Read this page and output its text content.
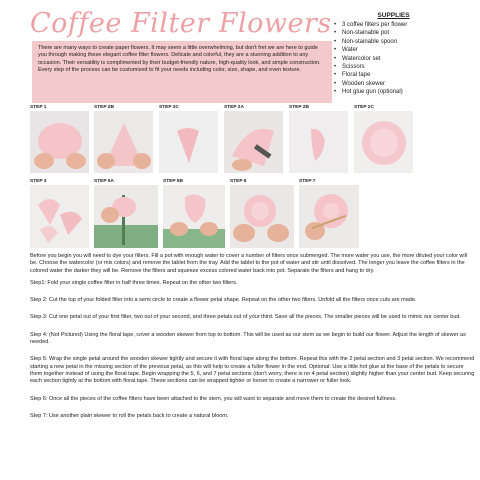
Coffee Filter Flowers
There are many ways to create paper flowers. It may seem a little overwhelming, but don't fret we are here to guide you through making these elegant coffee filter flowers. Delicate and colorful, they are a stunning addition to any occasion. Their versatility is complimented by their budget-friendly nature, high-quality look, and simple construction. Every step of the process can be customized to fit your needs including color, size, shape, and even texture.
SUPPLIES
• 3 coffee filters per flower
• Non-stainable pot
• Non-stainable spoon
• Water
• Watercolor set
• Scissors
• Floral tape
• Wooden skewer
• Hot glue gun (optional)
STEP 1	STEP 2B	STEP 3C	STEP 2A	STEP 2B	STEP 2C
STEP 3	STEP 5A	STEP 5B	STEP 6	STEP 7

Before you begin you will need to dye your filters. Fill a pot with enough water to cover a number of filters once submerged. The more water you use, the more diluted your color will be. Choose the watercolor (or mix colors) and remove the tablet from the tray. Add the tablet to the pot of water and stir until dissolved. The longer you leave the coffee filters in the colored water the darker they will be. Remove the filters and squeeze excess colored water back into pot. Separate the filters and hang to dry.

Step1: Fold your single coffee filter in half three times. Repeat on the other two filters.

Step 2: Cut the top of your folded filter into a semi circle to create a flower petal shape. Repeat on the other two filters. Unfold all the filters once cuts are made.

Step 3: Cut one petal out of your first filter, two out of your second, and three petals out of your third. Save all the pieces. The smaller pieces will be used to mimic our center bud.

Step 4: (Not Pictured) Using the floral tape, cover a wooden skewer from top to bottom. This will be used as our stem as we begin to build our flower. Adjust the length of skewer as needed.

Step 5: Wrap the single petal around the wooden skewer tightly and secure it with floral tape along the bottom. Repeat this with the 2 petal section and 3 petal section. We recommend starting a new petal in the missing section of the previous petal, as this will help to create a fuller flower in the end. Optional: Use a little hot glue at the base of the petals to secure them together instead of using the floral tape. Begin wrapping the 5, 6, and 7 petal sections (don't worry, there is no 4 petal section) slightly higher than your center bud. Keep securing each section tightly at the bottom with floral tape. These sections can be wrapped tighter or looser to create a narrower or fuller look.

Step 6: Once all the pieces of the coffee filters have been attached to the stem, you will want to separate and move them to create the desired fullness.

Step 7: Use another plain skewer to roll the petals back to create a natural bloom.
